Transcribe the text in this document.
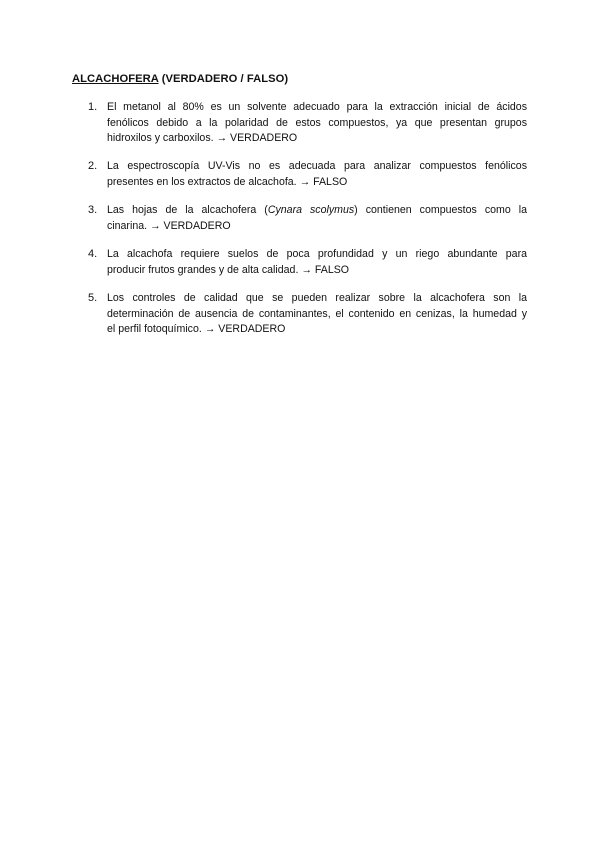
ALCACHOFERA (VERDADERO / FALSO)
1. El metanol al 80% es un solvente adecuado para la extracción inicial de ácidos
fenólicos debido a la polaridad de estos compuestos, ya que presentan grupos
hidroxilos y carboxilos. → VERDADERO
2. La espectroscopía UV-Vis no es adecuada para analizar compuestos fenólicos
presentes en los extractos de alcachofa. → FALSO
3. Las hojas de la alcachofera (Cynara scolymus) contienen compuestos como la
cinarina. → VERDADERO
4. La alcachofa requiere suelos de poca profundidad y un riego abundante para
producir frutos grandes y de alta calidad. → FALSO
5. Los controles de calidad que se pueden realizar sobre la alcachofera son la
determinación de ausencia de contaminantes, el contenido en cenizas, la humedad y
el perfil fotoquímico. → VERDADERO
